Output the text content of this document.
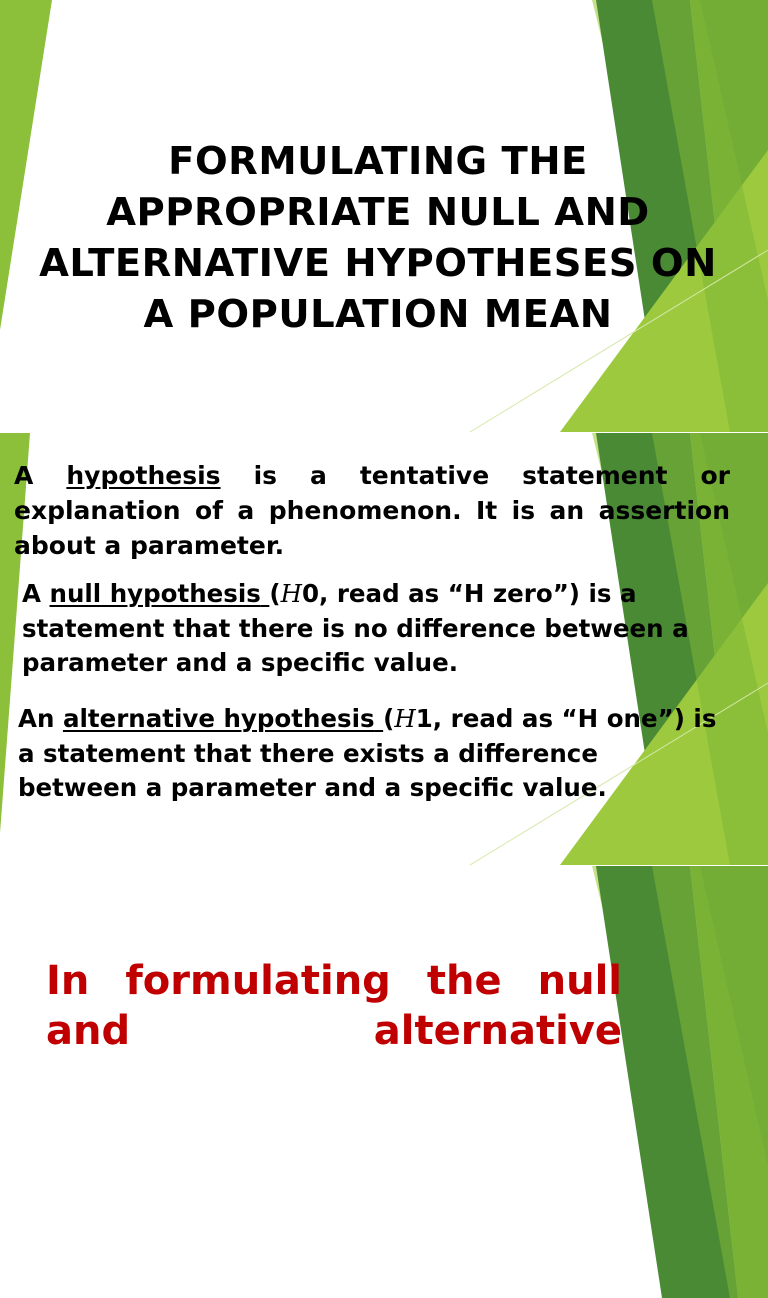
FORMULATING THE APPROPRIATE NULL AND ALTERNATIVE HYPOTHESES ON A POPULATION MEAN

A hypothesis is a tentative statement or explanation of a phenomenon. It is an assertion about a parameter.

A null hypothesis (H0, read as “H zero”) is a statement that there is no difference between a parameter and a specific value.

An alternative hypothesis (H1, read as “H one”) is a statement that there exists a difference between a parameter and a specific value.

In formulating the null and alternative
